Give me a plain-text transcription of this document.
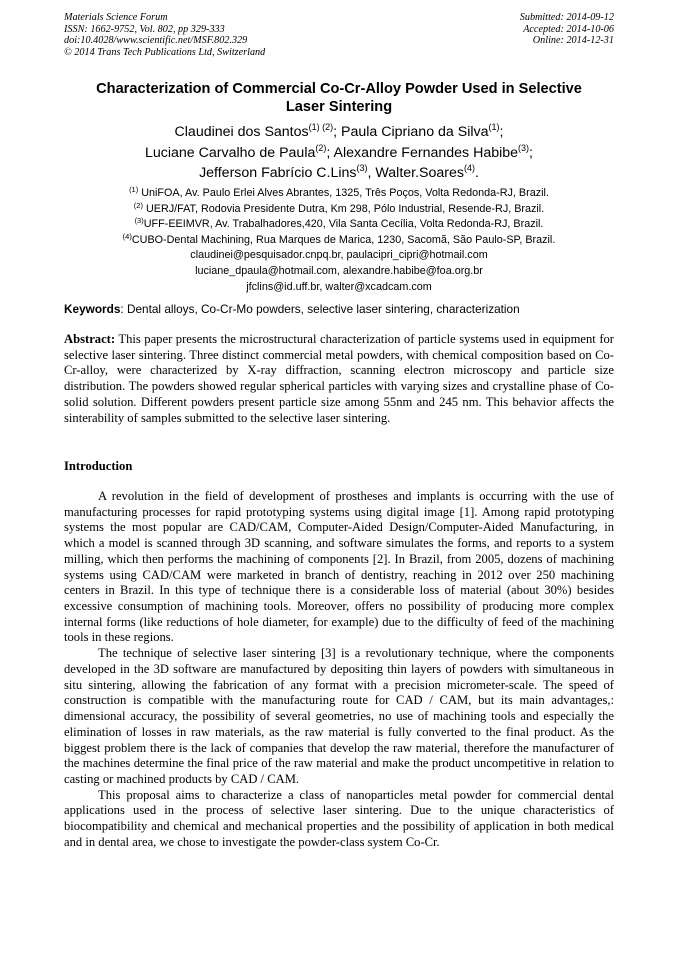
Materials Science Forum
ISSN: 1662-9752, Vol. 802, pp 329-333
doi:10.4028/www.scientific.net/MSF.802.329
© 2014 Trans Tech Publications Ltd, Switzerland
Submitted: 2014-09-12
Accepted: 2014-10-06
Online: 2014-12-31
Characterization of Commercial Co-Cr-Alloy Powder Used in Selective
Laser Sintering
Claudinei dos Santos$^{(1) (2)}$; Paula Cipriano da Silva$^{(1)}$;
Luciane Carvalho de Paula$^{(2)}$; Alexandre Fernandes Habibe$^{(3)}$;
Jefferson Fabrício C.Lins$^{(3)}$, Walter.Soares$^{(4)}$.
$^{(1)}$ UniFOA, Av. Paulo Erlei Alves Abrantes, 1325, Três Poços, Volta Redonda-RJ, Brazil.
$^{(2)}$ UERJ/FAT, Rodovia Presidente Dutra, Km 298, Pólo Industrial, Resende-RJ, Brazil.
$^{(3)}$UFF-EEIMVR, Av. Trabalhadores,420, Vila Santa Cecília, Volta Redonda-RJ, Brazil.
$^{(4)}$CUBO-Dental Machining, Rua Marques de Marica, 1230, Sacomã, São Paulo-SP, Brazil.
claudinei@pesquisador.cnpq.br, paulacipri_cipri@hotmail.com
luciane_dpaula@hotmail.com, alexandre.habibe@foa.org.br
jfclins@id.uff.br, walter@xcadcam.com
Keywords: Dental alloys, Co-Cr-Mo powders, selective laser sintering, characterization
Abstract: This paper presents the microstructural characterization of particle systems used in equipment for selective laser sintering. Three distinct commercial metal powders, with chemical composition based on Co-Cr-alloy, were characterized by X-ray diffraction, scanning electron microscopy and particle size distribution. The powders showed regular spherical particles with varying sizes and crystalline phase of Co-solid solution. Different powders present particle size among 55nm and 245 nm. This behavior affects the sinterability of samples submitted to the selective laser sintering.
Introduction

A revolution in the field of development of prostheses and implants is occurring with the use of manufacturing processes for rapid prototyping systems using digital image [1]. Among rapid prototyping systems the most popular are CAD/CAM, Computer-Aided Design/Computer-Aided Manufacturing, in which a model is scanned through 3D scanning, and software simulates the forms, and reports to a system milling, which then performs the machining of components [2]. In Brazil, from 2005, dozens of machining systems using CAD/CAM were marketed in branch of dentistry, reaching in 2012 over 250 machining centers in Brazil. In this type of technique there is a considerable loss of material (about 30%) besides excessive consumption of machining tools. Moreover, offers no possibility of producing more complex internal forms (like reductions of hole diameter, for example) due to the difficulty of feed of the machining tools in these regions.

The technique of selective laser sintering [3] is a revolutionary technique, where the components developed in the 3D software are manufactured by depositing thin layers of powders with simultaneous in situ sintering, allowing the fabrication of any format with a precision micrometer-scale. The speed of construction is compatible with the manufacturing route for CAD / CAM, but its main advantages,: dimensional accuracy, the possibility of several geometries, no use of machining tools and especially the elimination of losses in raw materials, as the raw material is fully converted to the final product. As the biggest problem there is the lack of companies that develop the raw material, therefore the manufacturer of the machines determine the final price of the raw material and make the product uncompetitive in relation to casting or machined products by CAD / CAM.

This proposal aims to characterize a class of nanoparticles metal powder for commercial dental applications used in the process of selective laser sintering. Due to the unique characteristics of biocompatibility and chemical and mechanical properties and the possibility of application in both medical and in dental area, we chose to investigate the powder-class system Co-Cr.
